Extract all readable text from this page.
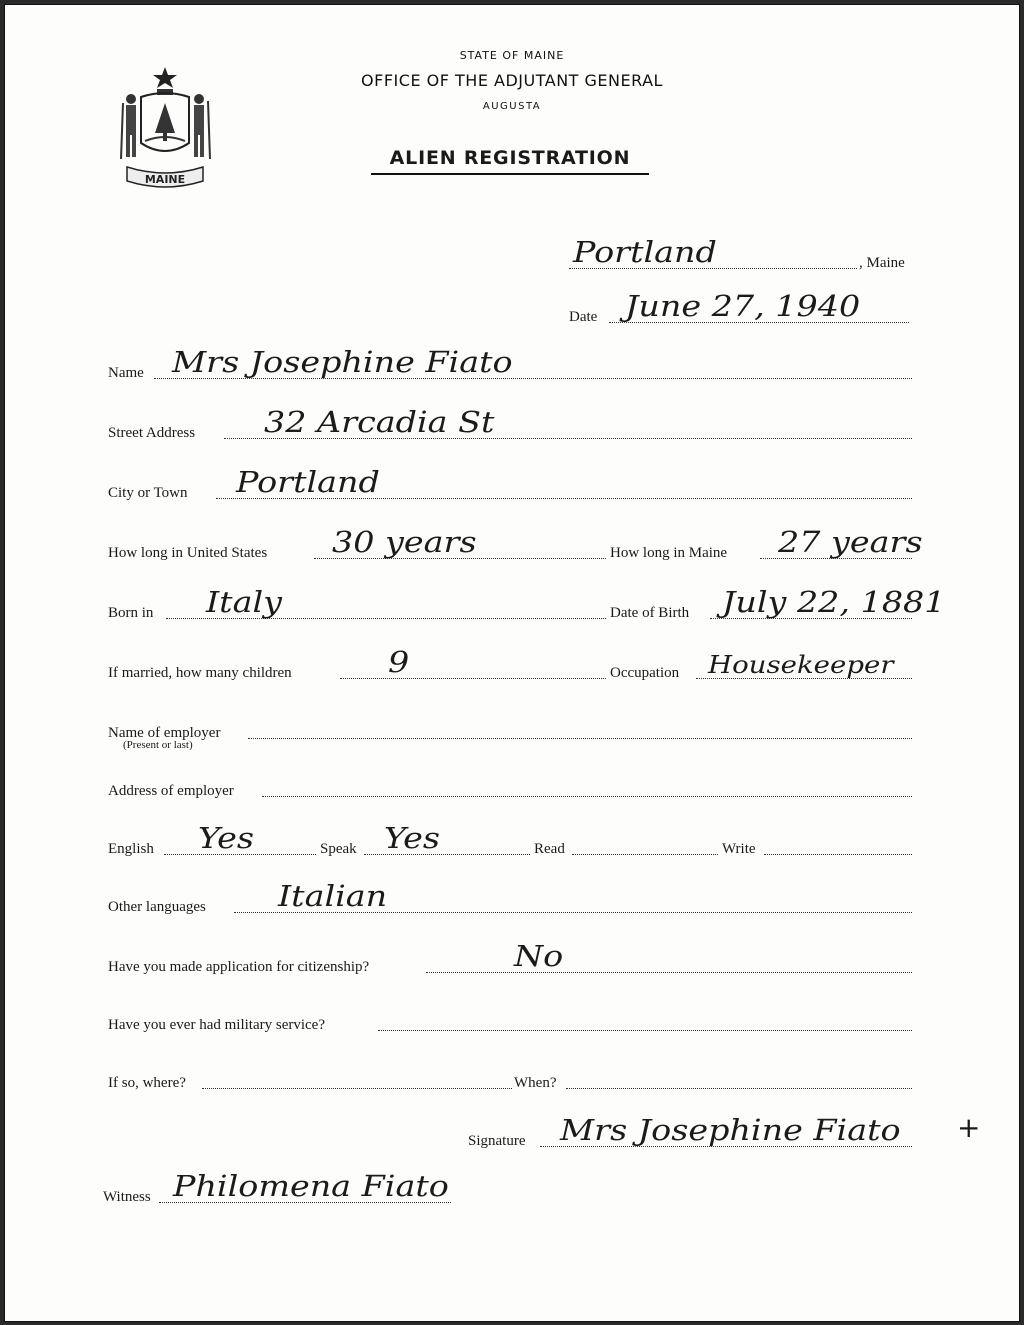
MAINE
STATE OF MAINE
OFFICE OF THE ADJUTANT GENERAL
AUGUSTA
ALIEN REGISTRATION
Portland	, Maine
Date June 27, 1940
Name Mrs Josephine Fiato
Street Address 32 Arcadia St
City or Town Portland
How long in United States 30 years	How long in Maine 27 years
Born in Italy	Date of Birth July 22, 1881
If married, how many children	9	Occupation Housekeeper
Name of employer
(Present or last)
Address of employer
English Yes	Speak Yes	Read	Write
Other languages Italian
Have you made application for citizenship?	No
Have you ever had military service?
If so, where?	When?
Signature Mrs Josephine Fiato +
Witness Philomena Fiato
